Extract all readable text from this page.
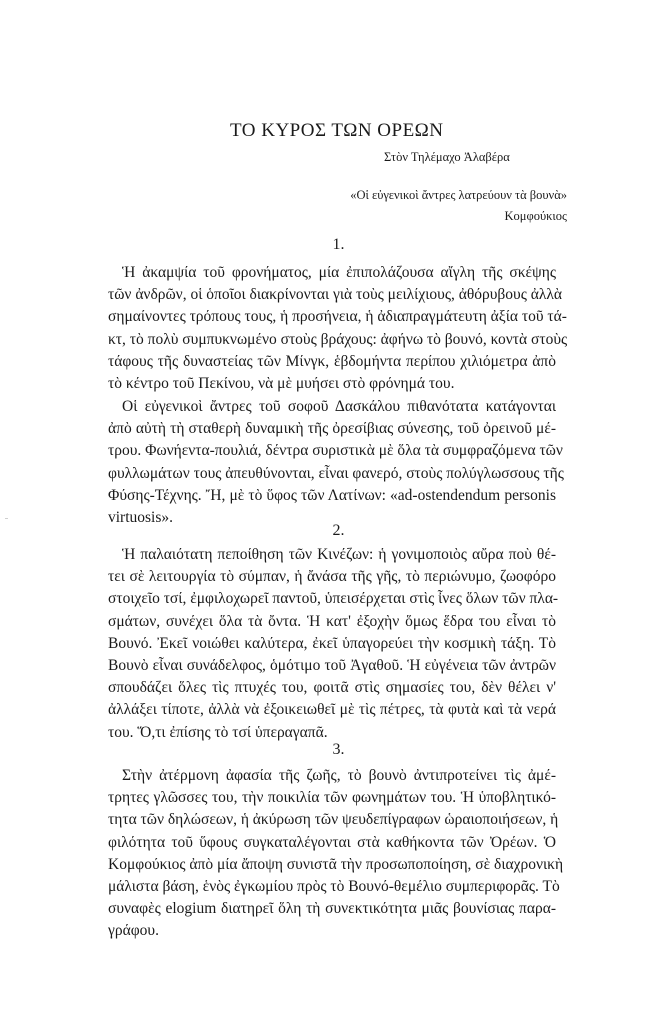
ΤΟ ΚΥΡΟΣ ΤΩΝ ΟΡΕΩΝ
Στὸν Τηλέμαχο Ἀλαβέρα
«Οἱ εὐγενικοὶ ἄντρες λατρεύουν τὰ βουνὰ»
Κομφούκιος
1.
Ἡ ἀκαμψία τοῦ φρονήματος, μία ἐπιπολάζουσα αἴγλη τῆς σκέψης
τῶν ἀνδρῶν, οἱ ὁποῖοι διακρίνονται γιὰ τοὺς μειλίχιους, ἀθόρυβους ἀλλὰ
σημαίνοντες τρόπους τους, ἡ προσήνεια, ἡ ἀδιαπραγμάτευτη ἀξία τοῦ τά-
κτ, τὸ πολὺ συμπυκνωμένο στοὺς βράχους: ἀφήνω τὸ βουνό, κοντὰ στοὺς
τάφους τῆς δυναστείας τῶν Μίνγκ, ἑβδομήντα περίπου χιλιόμετρα ἀπὸ
τὸ κέντρο τοῦ Πεκίνου, νὰ μὲ μυήσει στὸ φρόνημά του.
Οἱ εὐγενικοὶ ἄντρες τοῦ σοφοῦ Δασκάλου πιθανότατα κατάγονται
ἀπὸ αὐτὴ τὴ σταθερὴ δυναμικὴ τῆς ὀρεσίβιας σύνεσης, τοῦ ὀρεινοῦ μέ-
τρου. Φωνήεντα-πουλιά, δέντρα συριστικὰ μὲ ὅλα τὰ συμφραζόμενα τῶν
φυλλωμάτων τους ἀπευθύνονται, εἶναι φανερό, στοὺς πολύγλωσσους τῆς
Φύσης-Τέχνης. Ἤ, μὲ τὸ ὕφος τῶν Λατίνων: «ad-ostendendum personis
virtuosis».
2.
Ἡ παλαιότατη πεποίθηση τῶν Κινέζων: ἡ γονιμοποιὸς αὔρα ποὺ θέ-
τει σὲ λειτουργία τὸ σύμπαν, ἡ ἄνάσα τῆς γῆς, τὸ περιώνυμο, ζωοφόρο
στοιχεῖο τσί, ἐμφιλοχωρεῖ παντοῦ, ὑπεισέρχεται στὶς ἶνες ὅλων τῶν πλα-
σμάτων, συνέχει ὅλα τὰ ὄντα. Ἡ κατ' ἐξοχὴν ὅμως ἕδρα του εἶναι τὸ
Βουνό. Ἐκεῖ νοιώθει καλύτερα, ἐκεῖ ὑπαγορεύει τὴν κοσμικὴ τάξη. Τὸ
Βουνὸ εἶναι συνάδελφος, ὁμότιμο τοῦ Ἀγαθοῦ. Ἡ εὐγένεια τῶν ἀντρῶν
σπουδάζει ὅλες τὶς πτυχές του, φοιτᾶ στὶς σημασίες του, δὲν θέλει ν'
ἀλλάξει τίποτε, ἀλλὰ νὰ ἐξοικειωθεῖ μὲ τὶς πέτρες, τὰ φυτὰ καὶ τὰ νερά
του. Ὅ,τι ἐπίσης τὸ τσί ὑπεραγαπᾶ.
3.
Στὴν ἀτέρμονη ἀφασία τῆς ζωῆς, τὸ βουνὸ ἀντιπροτείνει τὶς ἀμέ-
τρητες γλῶσσες του, τὴν ποικιλία τῶν φωνημάτων του. Ἡ ὑποβλητικό-
τητα τῶν δηλώσεων, ἡ ἀκύρωση τῶν ψευδεπίγραφων ὡραιοποιήσεων, ἡ
φιλότητα τοῦ ὕφους συγκαταλέγονται στὰ καθήκοντα τῶν Ὀρέων. Ὁ
Κομφούκιος ἀπὸ μία ἄποψη συνιστᾶ τὴν προσωποποίηση, σὲ διαχρονικὴ
μάλιστα βάση, ἑνὸς ἐγκωμίου πρὸς τὸ Βουνό-θεμέλιο συμπεριφορᾶς. Τὸ
συναφὲς elogium διατηρεῖ ὅλη τὴ συνεκτικότητα μιᾶς βουνίσιας παρα-
γράφου.
